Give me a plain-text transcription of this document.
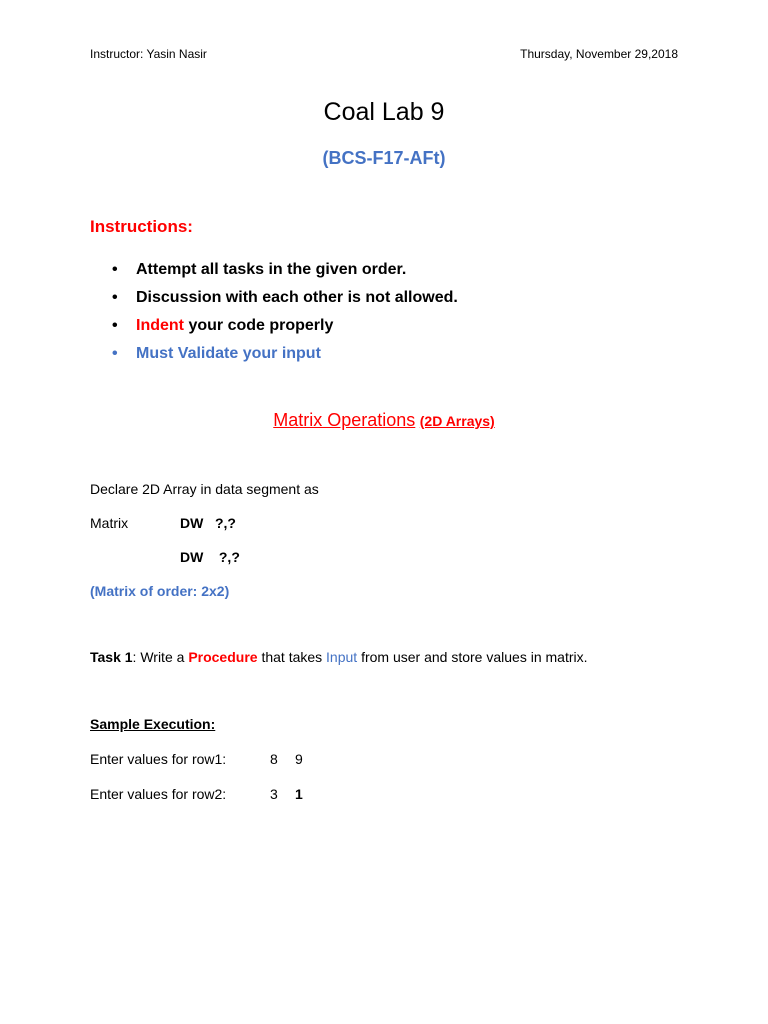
Instructor: Yasin Nasir	Thursday, November 29,2018
Coal Lab 9
(BCS-F17-AFt)
Instructions:
•	Attempt all tasks in the given order.
•	Discussion with each other is not allowed.
•	Indent your code properly
•	Must Validate your input
Matrix Operations (2D Arrays)
Declare 2D Array in data segment as
Matrix	DW   ?,?
DW    ?,?
(Matrix of order: 2x2)
Task 1: Write a Procedure that takes Input from user and store values in matrix.
Sample Execution:
Enter values for row1:	8 9
Enter values for row2:	3 1
